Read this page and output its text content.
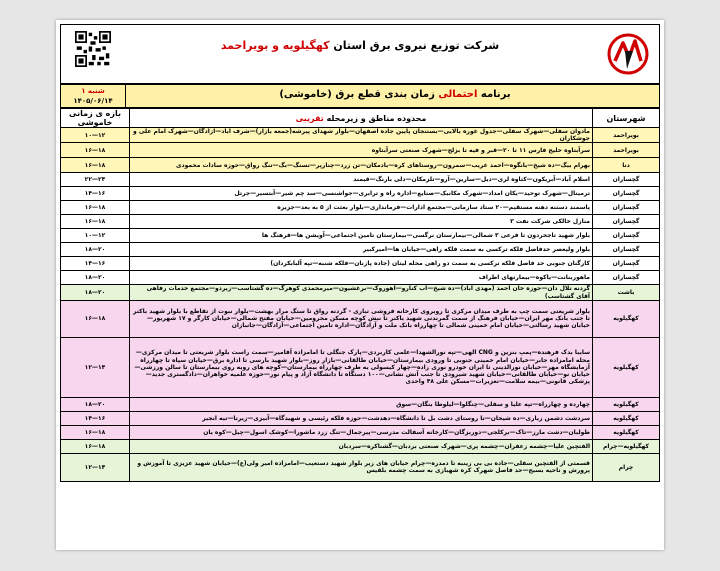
شرکت توزیع نیروی برق استان کهگیلویه و بویراحمد
شنبه ۱
۱۴۰۵/۰۶/۱۴
برنامه احتمالی زمان بندی قطع برق (خاموشی)
شهرستان	محدوده مناطق و زیرمحله تقریبی	بازه ی زمانی خاموشی
بویراحمد	مادوان سفلی—شهرک سفلی—جدول غوره بالایی—بستنجان پایین جاده اصفهان—بلوار شهدای پیرشه(جمعه بازار)—شرف آباد—آزادگان—شهرک امام علی و جوشکاران	۱۰—۱۲
بویراحمد	سرآبتاوه خلیج فارس ۱۱ تا ۲۰—قبر و فیه تا بزلج—شهرک صنعتی سرآبتاوه	۱۶—۱۸
دنا	بهرام بیگ—ده شیخ—بانگوه—احمد غریب—سمرون—روستاهای کره—بادمکان—تن زرد—چنارپر—تسنگ—بگ—تنگ رواق—حوزه سادات محمودی	۱۶—۱۸
گچساران	اسلام آباد—آبریکون—کتاوه لری—دیل—سارین—آرو—تلزمکان—دلی بارنگ—قیمند	۲۲—۲۴
گچساران	ترمینال—شهرک توحید—بکان امداد—شهرک مکانیک—صنایع—اداره راه و ترابری—جواشنسی—سد چم شیر—آبتسیر—جرتل	۱۴—۱۶
گچساران	پاسمند دستنه دهنه مستقیم—۲۰ ستاد سازمانی—مجتمع ادارات—فرمانداری—بلوار بعثت از ۵ به بعد—جزیره	۱۶—۱۸
گچساران	منازل خالکی شرکت نفت ۳	۱۶—۱۸
گچساران	بلوار شهید تاجخردون تا فرعی ۳ شمالی—بیمارستان نرگسی—بیمارستان تامین اجتماعی—آویشن ها—فرهنگ ها	۱۰—۱۲
گچساران	بلوار ولیعصر حدفاصل فلکه ترکسی به سمت فلکه راهی—خیابان ها—امیرکبیر	۱۸—۲۰
گچساران	کارگنان جنوبی حد فاصل فلکه ترکسی به سمت دو راهی محله لیتان (جاده پازنان—فلکه شنبه—تپه آلبابکردان)	۱۴—۱۶
گچساران	ماهوربنانت—یاکوه—بیمارتهای اطراف	۱۸—۲۰
باشت	گردنه تلال دان—حوزه خان احمد (مهدی آباد)—ده شیخ—آب کنارو—آهوروک—برغشیون—میرمحمدی کوهرگ—ده گشتاسب—زیردو—مجتمع خدمات رفاهی آقای گشتاسب)	۱۸—۲۰
کهگیلویه	بلوار شریعتی سمت چپ به طرف میدان مرکزی تا روبروی کارخانه فروشی تباری - گردنه رواق تا ستگ مرار بهشت—بلوار نبوت از تقاطع با بلوار شهید باکنر تا جنب بانک مهر ایران—خیابان فرهنگ از سمت گمرندنی شهید باکنر تا نبش کوچه مسکن محرومین—خیابان مفتح شمالی—خیابان کارگر و ۱۷ شهریور—خیابان شهید رسالتی—خیابان امام خمینی شمالی تا چهارراه بانک ملت و آزادگان—اداره تامین اجتماعی—آزادگان—جانبازان	۱۶—۱۸
کهگیلویه	سایبا بدک فرهنده—پمپ بنزین و CNG الهی—تپه نورالشهدا—علمی کاربردی—پارک جنگلی تا امامزاده آقامیر—سمت راست بلوار شریعتی تا میدان مرکزی—محله امامزاده جابر—خیابان امام خمینی جنوبی تا ورودی بیمارستان—خیابان طالقانی—بازار روز—بلوار شهید بارسی تا اداره برق—خیابان سپاه تا چهارراه آزمایشگاه مهر—خیابان نورالدینی تا ایران خودرو نوری زاده—چهار کیسولی به طرف چهارراه بیمارستان—کوچه های روبه روی بیمارستان تا سالن ورزشی—خیابان نو—خیابان طالقانی—خیابان شهید شیرودی تا جنب آتش نشانی—۱۰۰ دستگاه تا دانشگاه آزاد و پیام نور—حوزه علمیه خواهران—دادگستری جدید—پزشکی قانونی—بیمه سلامت—تعزیرات—مسکن علی ۴۸ واحدی	۱۲—۱۴
کهگیلویه	چهارده و چهارراه—تپه علیا و سفلی—چنگلوا—لیلوطا بنگان—سوق	۱۸—۲۰
کهگیلویه	سردشت دشمن زیاری—ده شیخان—تا روستای دشت بل تا دانشگاه—دهدشت—حوزه فلکه رئیسی و شهیدگاه—آبیزی—زیرتا—تیه انجیر	۱۴—۱۶
کهگیلویه	طولبان—دشت مارز—تاک—برکلجی—دوربزگان—کارخانه آسفالت مدرسی—پیرجمال—تنگ زرد ماشورا—کوشک اسول—چیل—کوه یان	۱۶—۱۸
کهگیلویه—چرام	الفتچین علیا—چشمه زعفران—چشمه پری—شهرک صنعتی بردبان—گشناکره—سردبان	۱۶—۱۸
چرام	قسمتی از الفتچین سفلی—جاده بی بی زینبه تا دمدره—چرام خیابان های زیر بلوار شهید دستغیب—امامزاده امیر ولی(ع)—خیابان شهید عزیزی تا آموزش و پرورش و ناحیه بسیج—حد فاصل شهرک کره شهبازی به سمت چشمه بلقیس	۱۲—۱۴
